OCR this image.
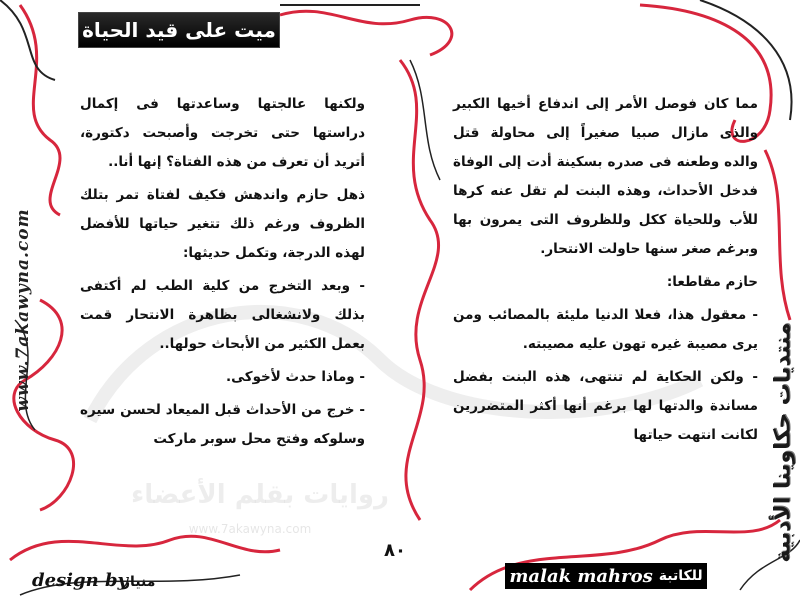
روايات بقلم الأعضاء
www.7akawyna.com
ميت على قيد الحياة
www.7akawyna.com
منتديات حكاوينا الأدبية

ولكنها عالجتها وساعدتها فى إكمال دراستها حتى تخرجت وأصبحت دكتورة، أتريد أن تعرف من هذه الفتاة؟ إنها أنا..

ذهل حازم واندهش فكيف لفتاة تمر بتلك الظروف ورغم ذلك تتغير حياتها للأفضل لهذه الدرجة، وتكمل حديثها:

- وبعد التخرج من كلية الطب لم أكتفى بذلك ولانشغالى بظاهرة الانتحار قمت بعمل الكثير من الأبحاث حولها..

- وماذا حدث لأخوكى.

- خرج من الأحداث قبل الميعاد لحسن سيره وسلوكه وفتح محل سوبر ماركت

مما كان فوصل الأمر إلى اندفاع أخيها الكبير والذى مازال صبيا صغيراً إلى محاولة قتل والده وطعنه فى صدره بسكينة أدت إلى الوفاة فدخل الأحداث، وهذه البنت لم تقل عنه كرها للأب وللحياة ككل وللظروف التى يمرون بها وبرغم صغر سنها حاولت الانتحار.

حازم مقاطعا:

- معقول هذا، فعلا الدنيا مليئة بالمصائب ومن يرى مصيبة غيره تهون عليه مصيبته.

- ولكن الحكاية لم تنتهى، هذه البنت بفضل مساندة والدتها لها برغم أنها أكثر المتضررين لكانت انتهت حياتها

٨٠
design by
منيار	malak mahros للكاتبة
